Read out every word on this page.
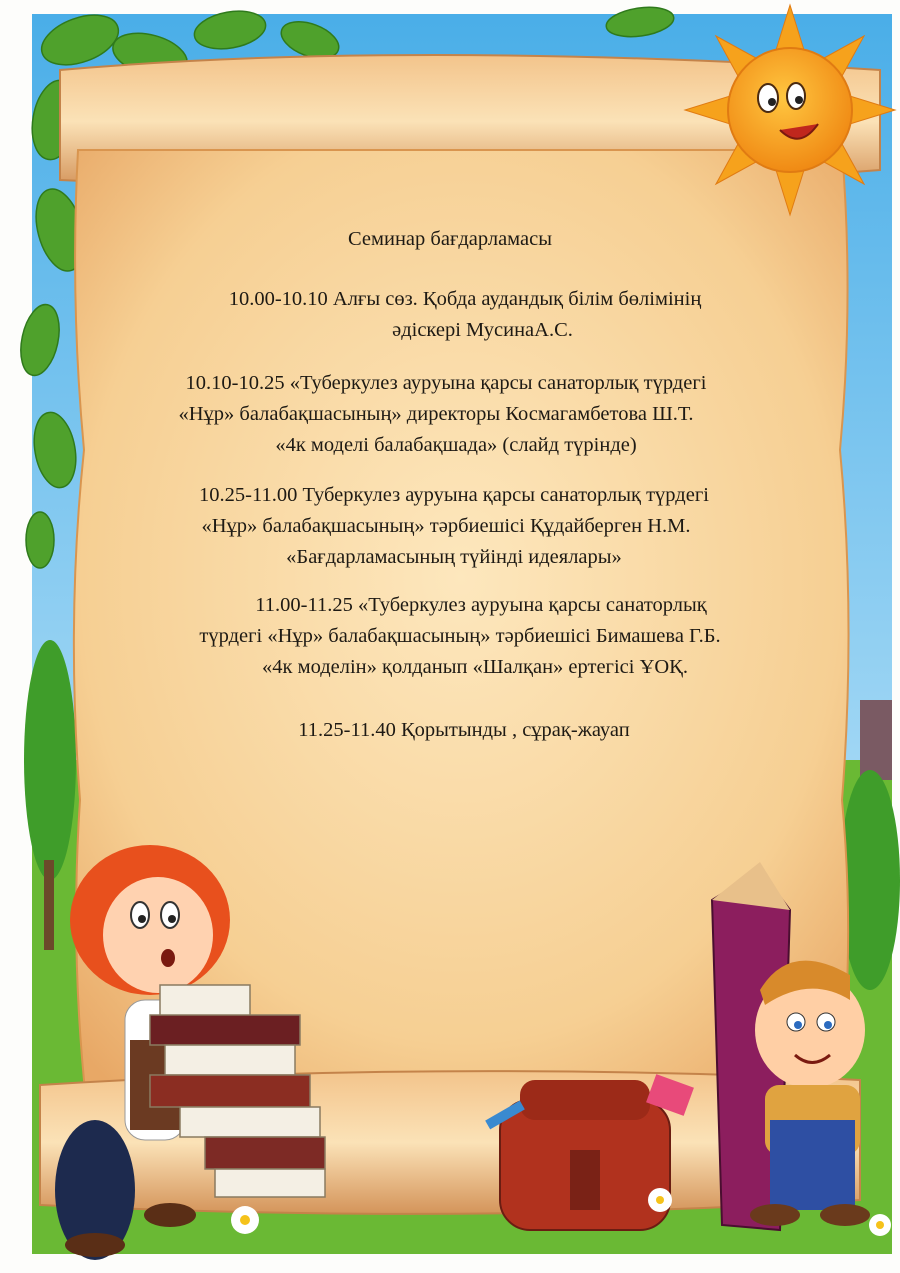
Семинар бағдарламасы
10.00-10.10 Алғы сөз. Қобда аудандық білім бөлімінің
әдіскері МусинаА.С.
10.10-10.25 «Туберкулез ауруына қарсы санаторлық түрдегі
«Нұр» балабақшасының» директоры Космагамбетова Ш.Т.
«4к моделі балабақшада» (слайд түрінде)
10.25-11.00 Туберкулез ауруына қарсы санаторлық түрдегі
«Нұр» балабақшасының» тәрбиешісі Құдайберген Н.М.
«Бағдарламасының түйінді идеялары»
11.00-11.25 «Туберкулез ауруына қарсы санаторлық
түрдегі «Нұр» балабақшасының» тәрбиешісі Бимашева Г.Б.
«4к моделін» қолданып «Шалқан» ертегісі ҰОҚ.
11.25-11.40 Қорытынды , сұрақ-жауап
